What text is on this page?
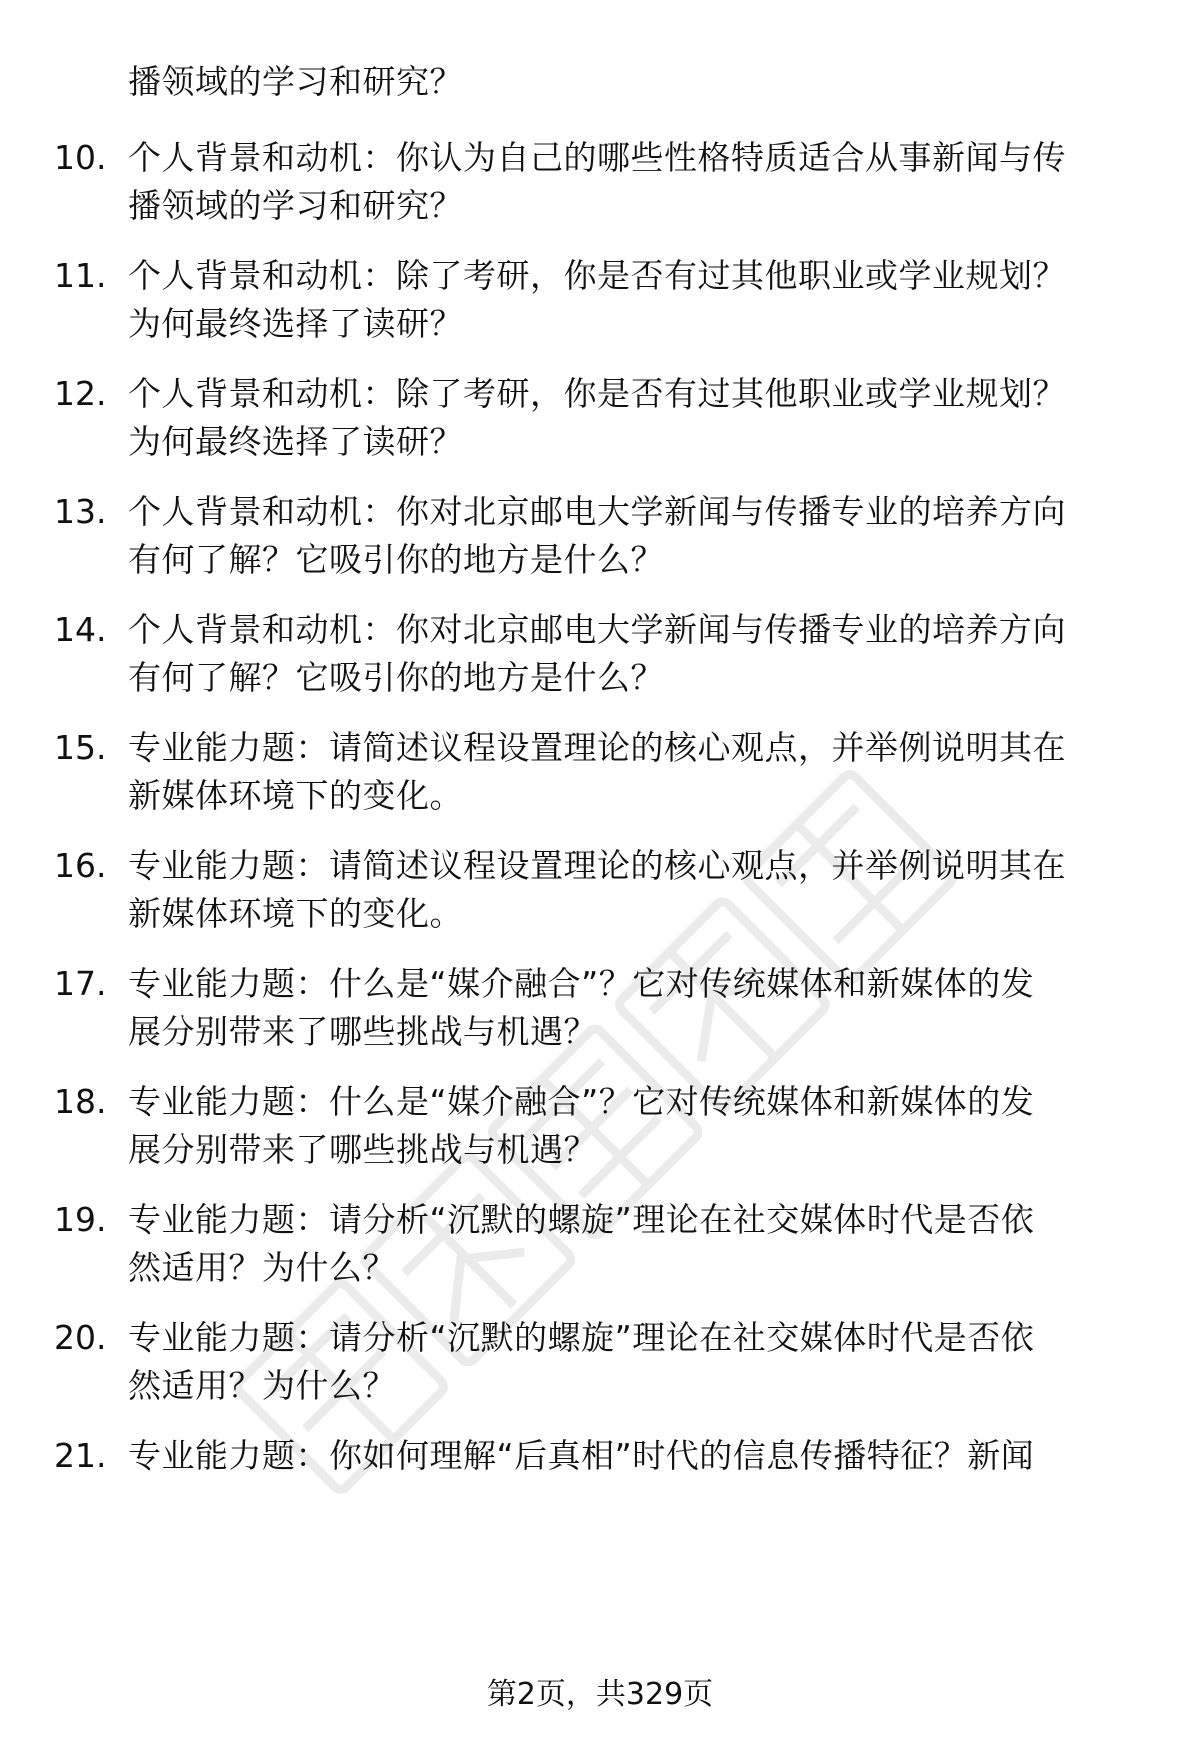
播领域的学习和研究？
10. 个人背景和动机：你认为自己的哪些性格特质适合从事新闻与传
播领域的学习和研究？
11. 个人背景和动机：除了考研，你是否有过其他职业或学业规划？
为何最终选择了读研？
12. 个人背景和动机：除了考研，你是否有过其他职业或学业规划？
为何最终选择了读研？
13. 个人背景和动机：你对北京邮电大学新闻与传播专业的培养方向
有何了解？它吸引你的地方是什么？
14. 个人背景和动机：你对北京邮电大学新闻与传播专业的培养方向
有何了解？它吸引你的地方是什么？
15. 专业能力题：请简述议程设置理论的核心观点，并举例说明其在
新媒体环境下的变化。
16. 专业能力题：请简述议程设置理论的核心观点，并举例说明其在
新媒体环境下的变化。
17. 专业能力题：什么是“媒介融合”？它对传统媒体和新媒体的发
展分别带来了哪些挑战与机遇？
18. 专业能力题：什么是“媒介融合”？它对传统媒体和新媒体的发
展分别带来了哪些挑战与机遇？
19. 专业能力题：请分析“沉默的螺旋”理论在社交媒体时代是否依
然适用？为什么？
20. 专业能力题：请分析“沉默的螺旋”理论在社交媒体时代是否依
然适用？为什么？
21. 专业能力题：你如何理解“后真相”时代的信息传播特征？新闻
第2页，共329页
